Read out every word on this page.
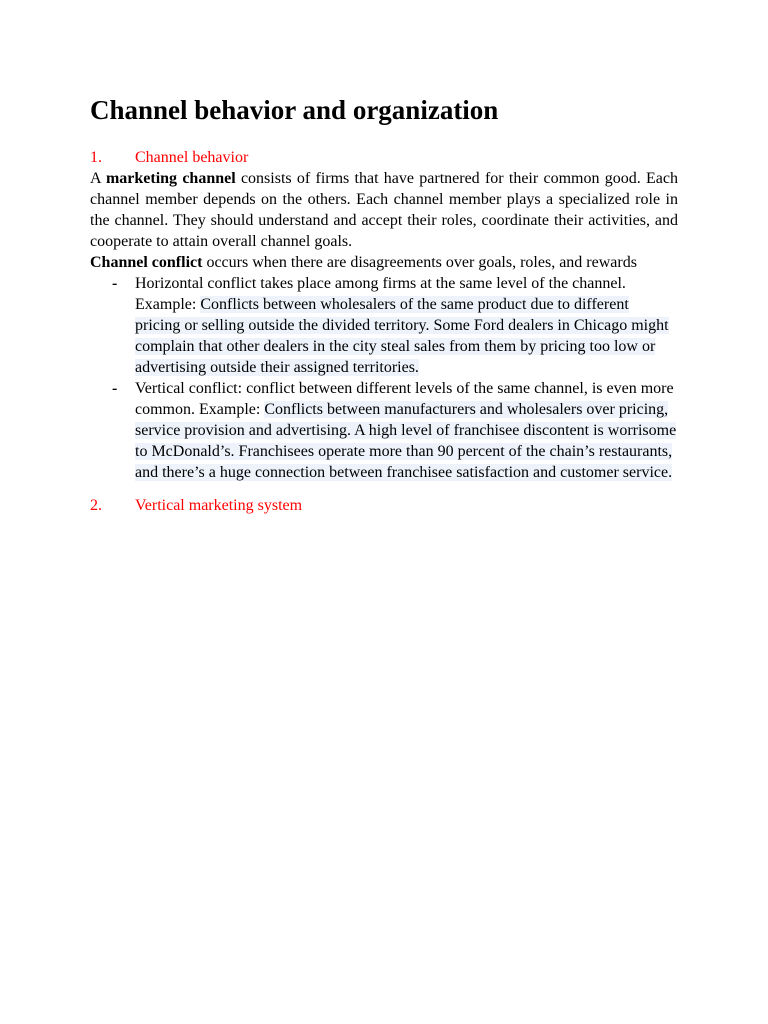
Channel behavior and organization
1.	Channel behavior

A marketing channel consists of firms that have partnered for their common good. Each channel member depends on the others. Each channel member plays a specialized role in the channel. They should understand and accept their roles, coordinate their activities, and cooperate to attain overall channel goals.

Channel conflict occurs when there are disagreements over goals, roles, and rewards

-	Horizontal conflict takes place among firms at the same level of the channel. Example: Conflicts between wholesalers of the same product due to different pricing or selling outside the divided territory. Some Ford dealers in Chicago might complain that other dealers in the city steal sales from them by pricing too low or advertising outside their assigned territories.
-	Vertical conflict: conflict between different levels of the same channel, is even more common. Example: Conflicts between manufacturers and wholesalers over pricing, service provision and advertising. A high level of franchisee discontent is worrisome to McDonald’s. Franchisees operate more than 90 percent of the chain’s restaurants, and there’s a huge connection between franchisee satisfaction and customer service.
2.	Vertical marketing system
